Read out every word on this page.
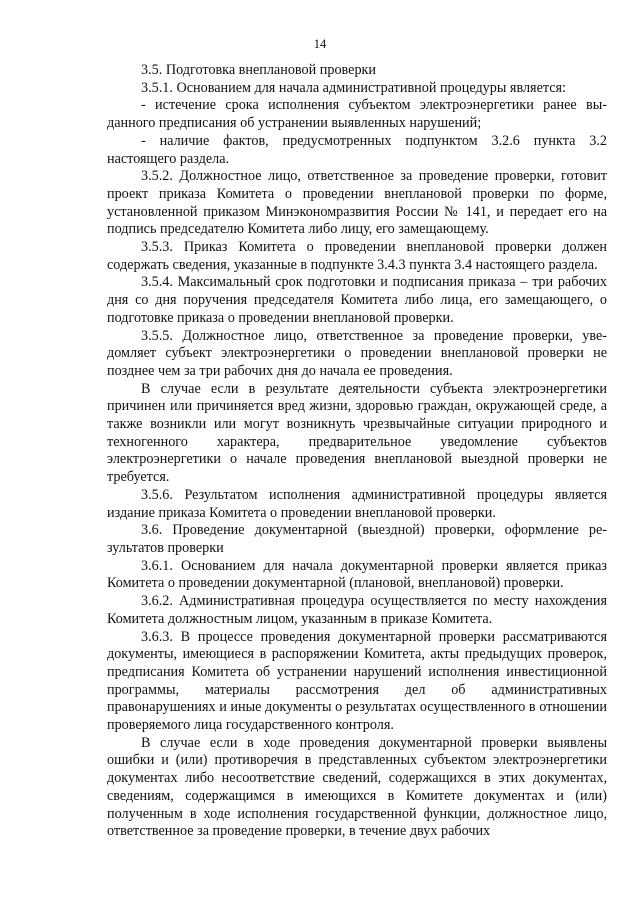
14

3.5. Подготовка внеплановой проверки

3.5.1. Основанием для начала административной процедуры является:

- истечение срока исполнения субъектом электроэнергетики ранее выданного предписания об устранении выявленных нарушений;

- наличие фактов, предусмотренных подпунктом 3.2.6 пункта 3.2 настоящего раздела.

3.5.2. Должностное лицо, ответственное за проведение проверки, готовит проект приказа Комитета о проведении внеплановой проверки по форме, установленной приказом Минэкономразвития России № 141, и передает его на подпись председателю Комитета либо лицу, его замещающему.

3.5.3. Приказ Комитета о проведении внеплановой проверки должен содержать сведения, указанные в подпункте 3.4.3 пункта 3.4 настоящего раздела.

3.5.4. Максимальный срок подготовки и подписания приказа – три рабочих дня со дня поручения председателя Комитета либо лица, его замещающего, о подготовке приказа о проведении внеплановой проверки.

3.5.5. Должностное лицо, ответственное за проведение проверки, уведомляет субъект электроэнергетики о проведении внеплановой проверки не позднее чем за три рабочих дня до начала ее проведения.

В случае если в результате деятельности субъекта электроэнергетики причинен или причиняется вред жизни, здоровью граждан, окружающей среде, а также возникли или могут возникнуть чрезвычайные ситуации природного и техногенного характера, предварительное уведомление субъектов электроэнергетики о начале проведения внеплановой выездной проверки не требуется.

3.5.6. Результатом исполнения административной процедуры является издание приказа Комитета о проведении внеплановой проверки.

3.6. Проведение документарной (выездной) проверки, оформление результатов проверки

3.6.1. Основанием для начала документарной проверки является приказ Комитета о проведении документарной (плановой, внеплановой) проверки.

3.6.2. Административная процедура осуществляется по месту нахождения Комитета должностным лицом, указанным в приказе Комитета.

3.6.3. В процессе проведения документарной проверки рассматриваются документы, имеющиеся в распоряжении Комитета, акты предыдущих проверок, предписания Комитета об устранении нарушений исполнения инвестиционной программы, материалы рассмотрения дел об административных правонарушениях и иные документы о результатах осуществленного в отношении проверяемого лица государственного контроля.

В случае если в ходе проведения документарной проверки выявлены ошибки и (или) противоречия в представленных субъектом электроэнергетики документах либо несоответствие сведений, содержащихся в этих документах, сведениям, содержащимся в имеющихся в Комитете документах и (или) полученным в ходе исполнения государственной функции, должностное лицо, ответственное за проведение проверки, в течение двух рабочих
